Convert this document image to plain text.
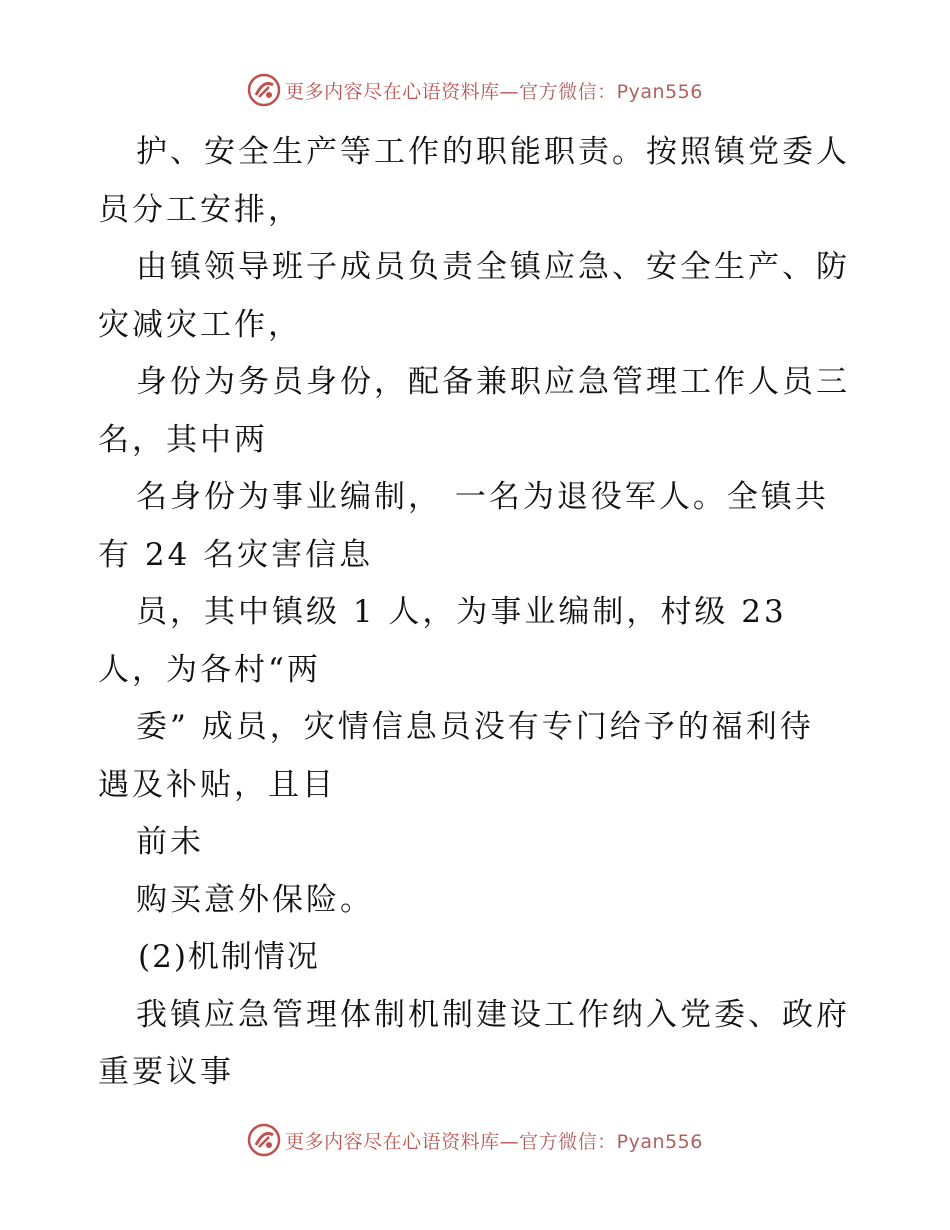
更多内容尽在心语资料库—官方微信：Pyan556
护、安全生产等工作的职能职责。按照镇党委人
员分工安排，
由镇领导班子成员负责全镇应急、安全生产、防
灾减灾工作，
身份为务员身份，配备兼职应急管理工作人员三
名，其中两
名身份为事业编制， 一名为退役军人。全镇共
有 24 名灾害信息
员，其中镇级 1 人，为事业编制，村级 23
人，为各村“两
委” 成员，灾情信息员没有专门给予的福利待
遇及补贴，且目
前未
购买意外保险。
(2)机制情况
我镇应急管理体制机制建设工作纳入党委、政府
重要议事
更多内容尽在心语资料库—官方微信：Pyan556
